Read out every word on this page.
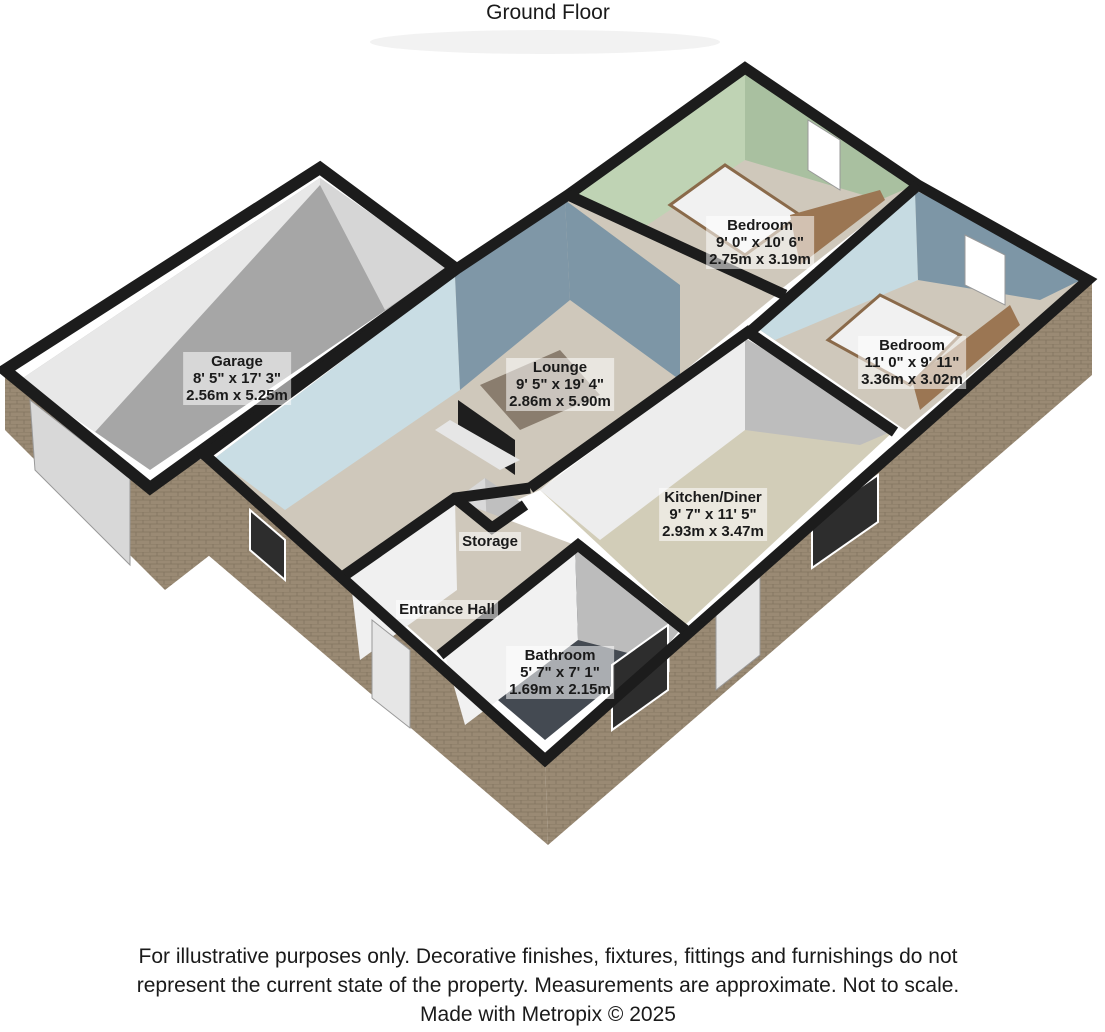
Ground Floor
Garage
8' 5" x 17' 3"
2.56m x 5.25m
Bedroom
9' 0" x 10' 6"
2.75m x 3.19m
Bedroom
11' 0" x 9' 11"
3.36m x 3.02m
Lounge
9' 5" x 19' 4"
2.86m x 5.90m
Kitchen/Diner
9' 7" x 11' 5"
2.93m x 3.47m
Storage
Entrance Hall
Bathroom
5' 7" x 7' 1"
1.69m x 2.15m
For illustrative purposes only. Decorative finishes, fixtures, fittings and furnishings do not
represent the current state of the property. Measurements are approximate. Not to scale.
Made with Metropix © 2025
